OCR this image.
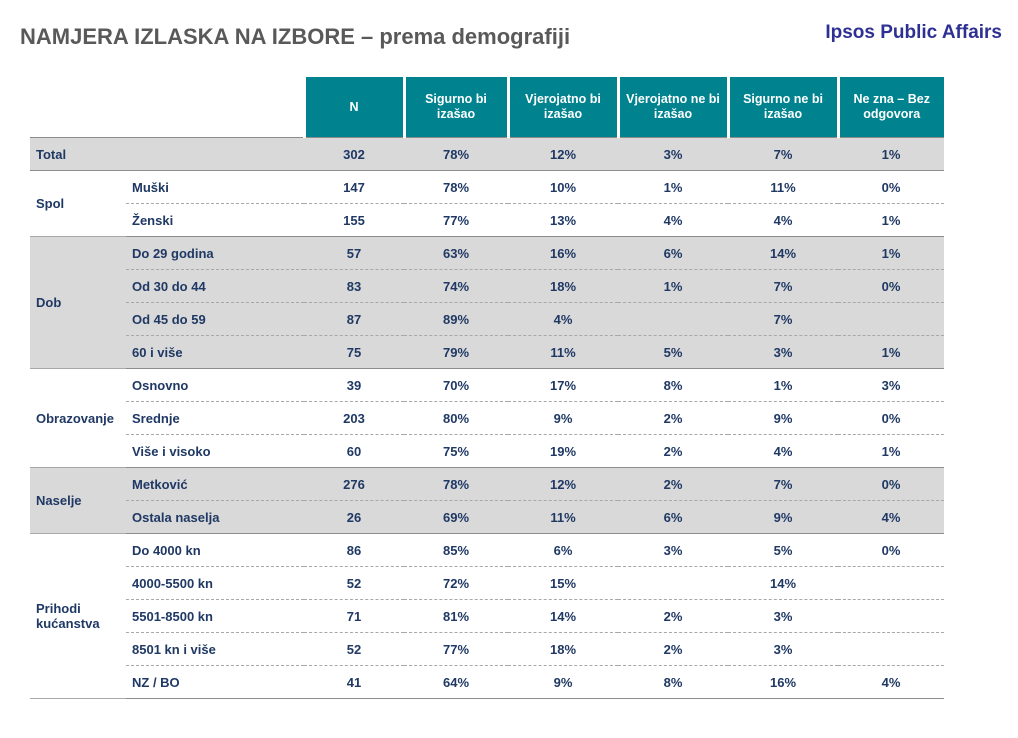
NAMJERA IZLASKA NA IZBORE – prema demografiji	Ipsos Public Affairs
		N	Sigurno bi izašao	Vjerojatno bi izašao	Vjerojatno ne bi izašao	Sigurno ne bi izašao	Ne zna – Bez odgovora
Total		302	78%	12%	3%	7%	1%
Spol	Muški	147	78%	10%	1%	11%	0%
	Ženski	155	77%	13%	4%	4%	1%
Dob	Do 29 godina	57	63%	16%	6%	14%	1%
	Od 30 do 44	83	74%	18%	1%	7%	0%
	Od 45 do 59	87	89%	4%		7%	
	60 i više	75	79%	11%	5%	3%	1%
Obrazovanje	Osnovno	39	70%	17%	8%	1%	3%
	Srednje	203	80%	9%	2%	9%	0%
	Više i visoko	60	75%	19%	2%	4%	1%
Naselje	Metković	276	78%	12%	2%	7%	0%
	Ostala naselja	26	69%	11%	6%	9%	4%
Prihodi kućanstva	Do 4000 kn	86	85%	6%	3%	5%	0%
	4000-5500 kn	52	72%	15%		14%	
	5501-8500 kn	71	81%	14%	2%	3%	
	8501 kn i više	52	77%	18%	2%	3%	
	NZ / BO	41	64%	9%	8%	16%	4%
